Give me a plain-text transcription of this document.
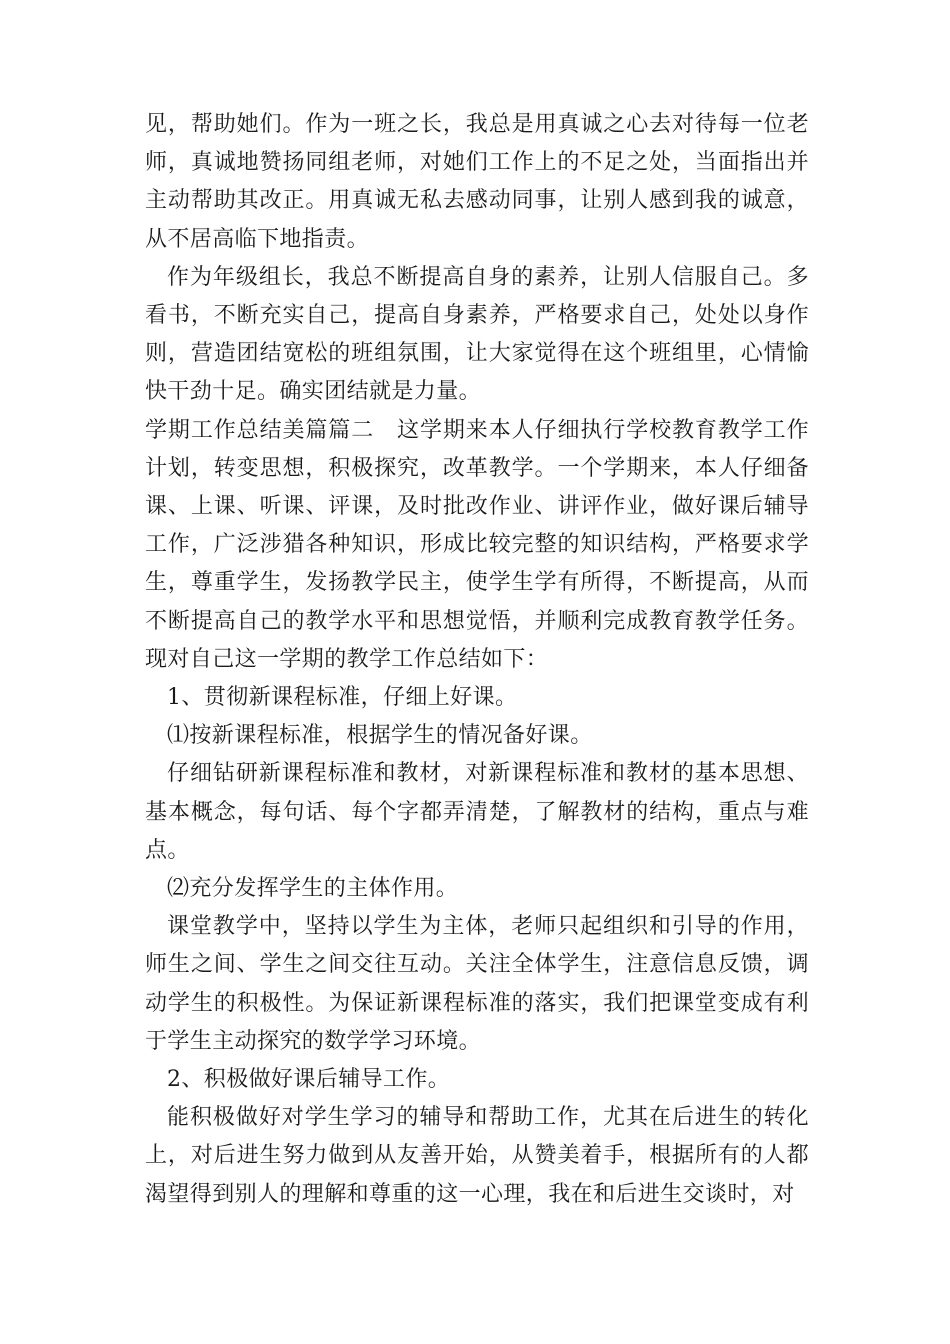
见，帮助她们。作为一班之长，我总是用真诚之心去对待每一位老师，真诚地赞扬同组老师，对她们工作上的不足之处，当面指出并主动帮助其改正。用真诚无私去感动同事，让别人感到我的诚意，从不居高临下地指责。

作为年级组长，我总不断提高自身的素养，让别人信服自己。多看书，不断充实自己，提高自身素养，严格要求自己，处处以身作则，营造团结宽松的班组氛围，让大家觉得在这个班组里，心情愉快干劲十足。确实团结就是力量。

学期工作总结美篇篇二　这学期来本人仔细执行学校教育教学工作计划，转变思想，积极探究，改革教学。一个学期来，本人仔细备课、上课、听课、评课，及时批改作业、讲评作业，做好课后辅导工作，广泛涉猎各种知识，形成比较完整的知识结构，严格要求学生，尊重学生，发扬教学民主，使学生学有所得，不断提高，从而不断提高自己的教学水平和思想觉悟，并顺利完成教育教学任务。现对自己这一学期的教学工作总结如下：

1、贯彻新课程标准，仔细上好课。

⑴按新课程标准，根据学生的情况备好课。

仔细钻研新课程标准和教材，对新课程标准和教材的基本思想、基本概念，每句话、每个字都弄清楚，了解教材的结构，重点与难点。

⑵充分发挥学生的主体作用。

课堂教学中，坚持以学生为主体，老师只起组织和引导的作用，师生之间、学生之间交往互动。关注全体学生，注意信息反馈，调动学生的积极性。为保证新课程标准的落实，我们把课堂变成有利于学生主动探究的数学学习环境。

2、积极做好课后辅导工作。

能积极做好对学生学习的辅导和帮助工作，尤其在后进生的转化上，对后进生努力做到从友善开始，从赞美着手，根据所有的人都渴望得到别人的理解和尊重的这一心理，我在和后进生交谈时，对
